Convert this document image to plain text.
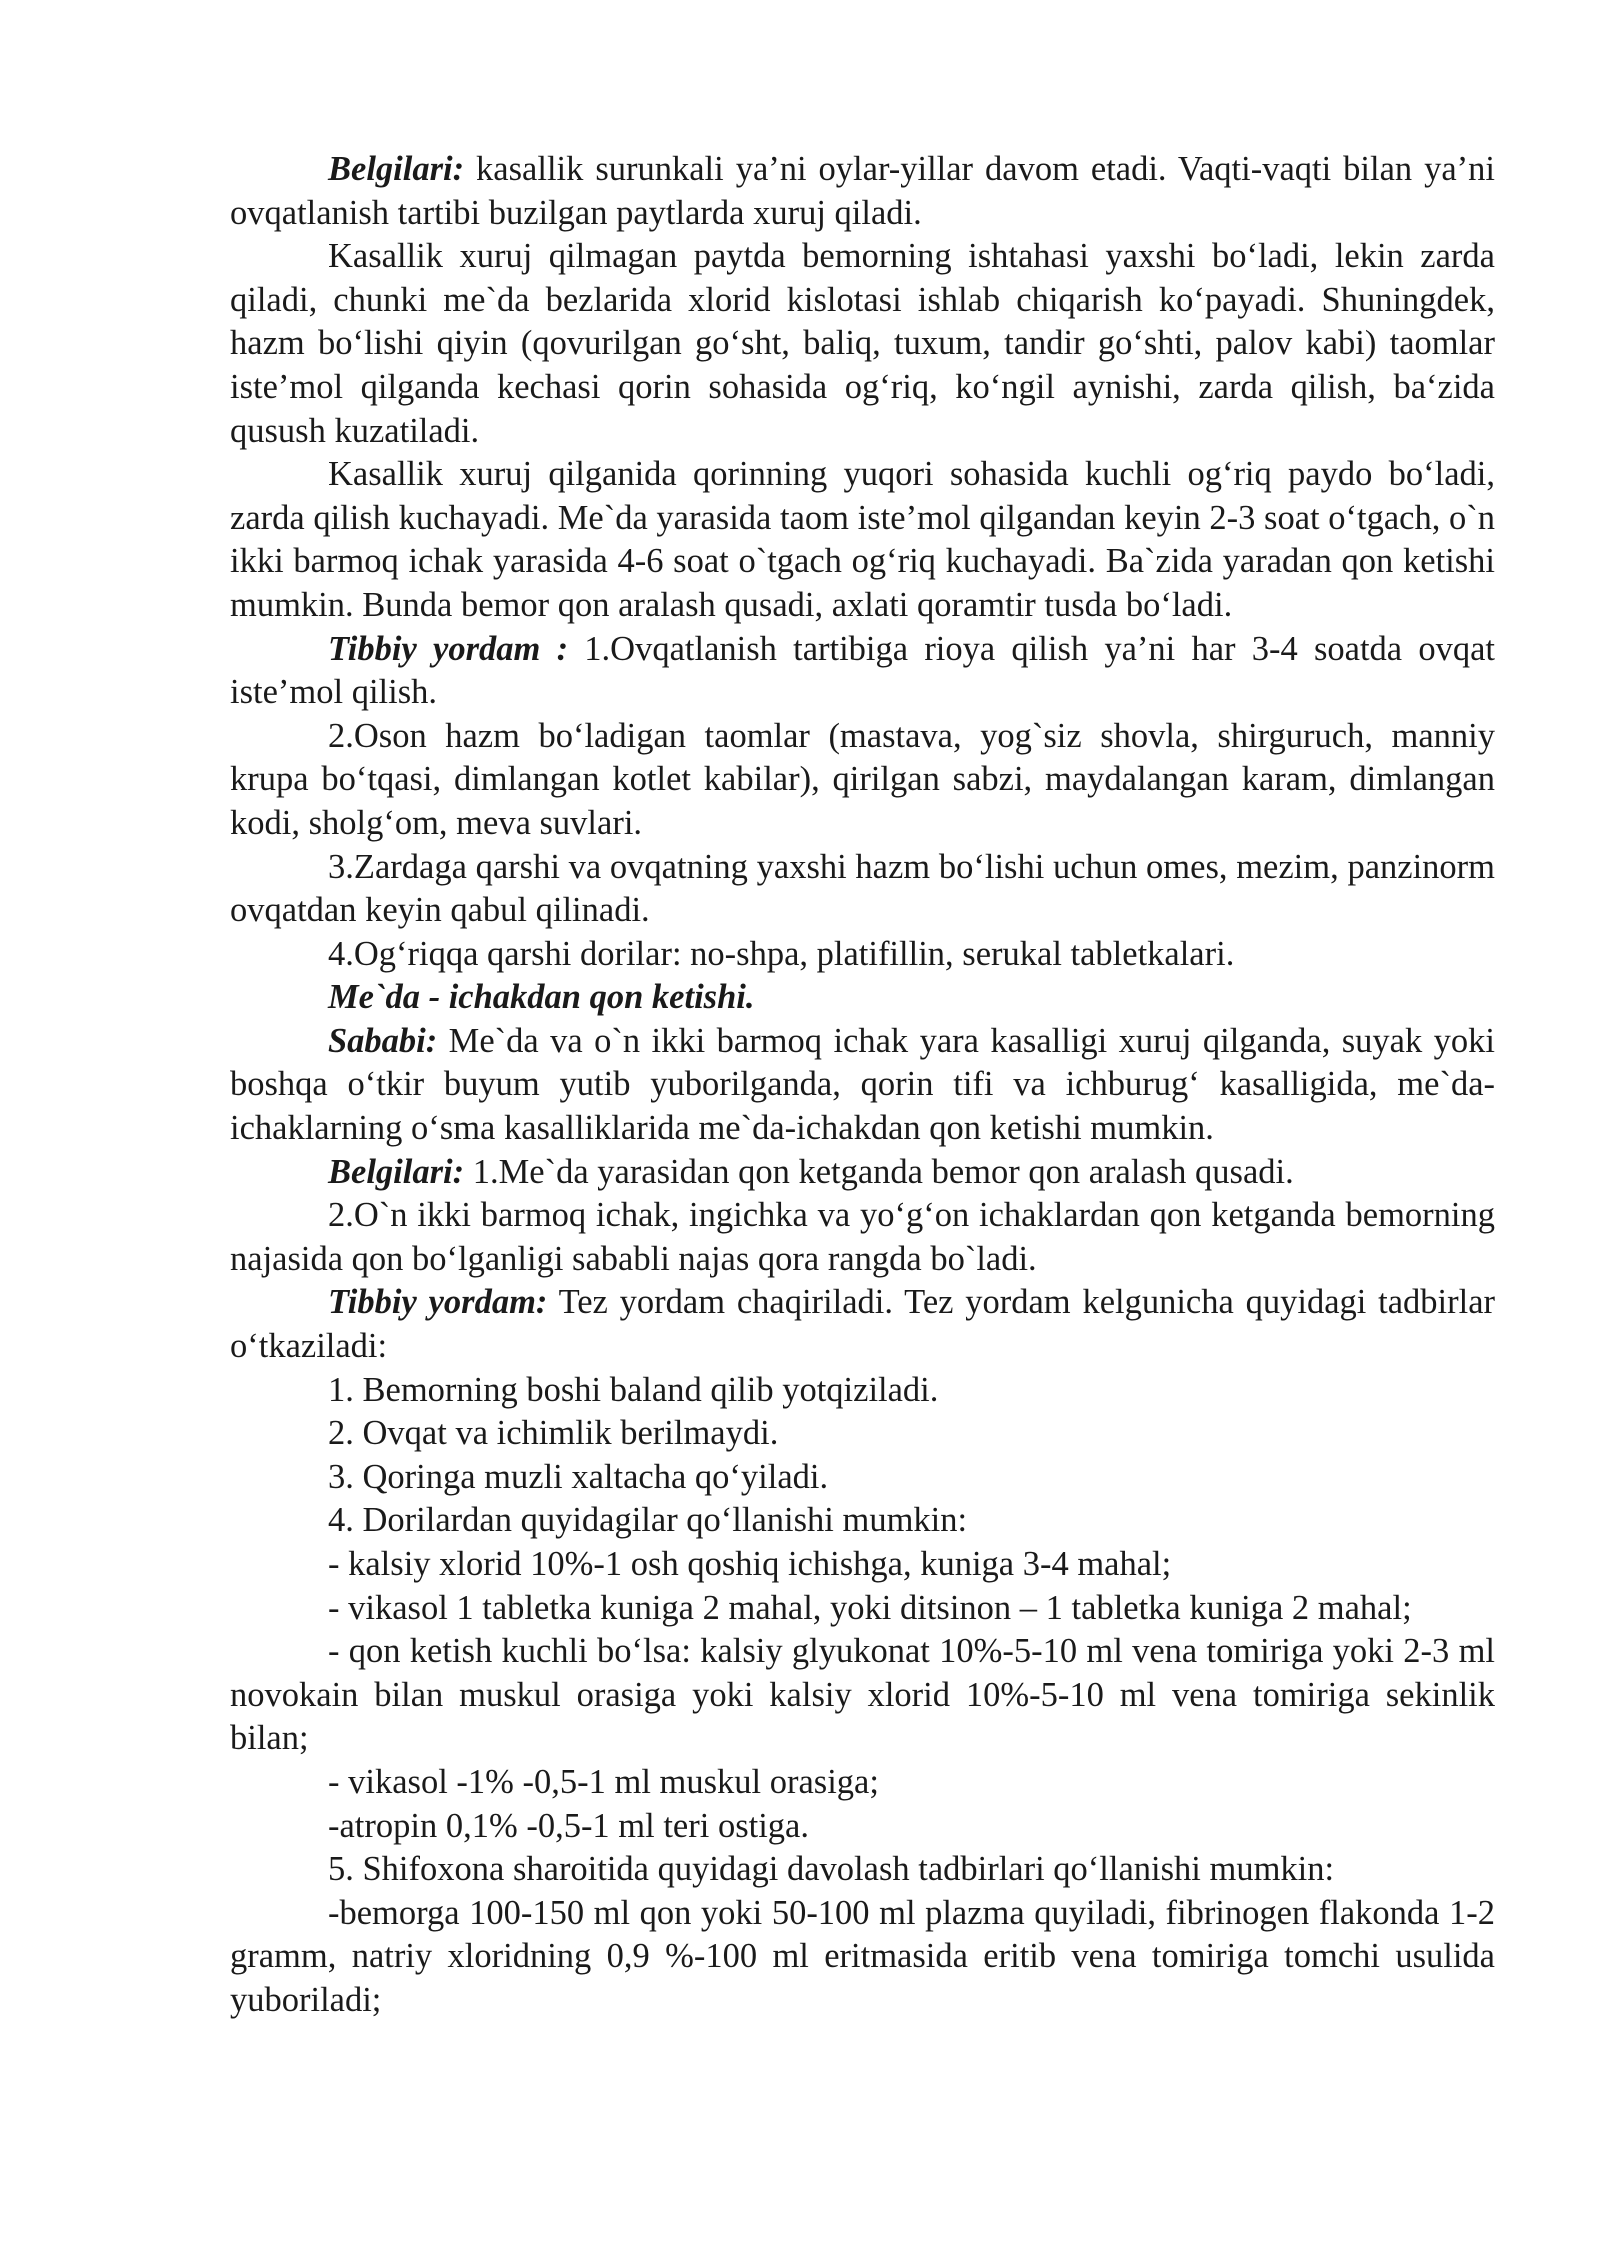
Belgilari: kasallik surunkali ya’ni oylar-yillar davom etadi. Vaqti-vaqti bilan ya’ni ovqatlanish tartibi buzilgan paytlarda xuruj qiladi.

Kasallik xuruj qilmagan paytda bemorning ishtahasi yaxshi bo‘ladi, lekin zarda qiladi, chunki me`da bezlarida xlorid kislotasi ishlab chiqarish ko‘payadi. Shuningdek, hazm bo‘lishi qiyin (qovurilgan go‘sht, baliq, tuxum, tandir go‘shti, palov kabi) taomlar iste’mol qilganda kechasi qorin sohasida og‘riq, ko‘ngil aynishi, zarda qilish, ba‘zida qusush kuzatiladi.

Kasallik xuruj qilganida qorinning yuqori sohasida kuchli og‘riq paydo bo‘ladi, zarda qilish kuchayadi. Me`da yarasida taom iste’mol qilgandan keyin 2-3 soat o‘tgach, o`n ikki barmoq ichak yarasida 4-6 soat o`tgach og‘riq kuchayadi. Ba`zida yaradan qon ketishi mumkin. Bunda bemor qon aralash qusadi, axlati qoramtir tusda bo‘ladi.

Tibbiy yordam : 1.Ovqatlanish tartibiga rioya qilish ya’ni har 3-4 soatda ovqat iste’mol qilish.

2.Oson hazm bo‘ladigan taomlar (mastava, yog`siz shovla, shirguruch, manniy krupa bo‘tqasi, dimlangan kotlet kabilar), qirilgan sabzi, maydalangan karam, dimlangan kodi, sholg‘om, meva suvlari.

3.Zardaga qarshi va ovqatning yaxshi hazm bo‘lishi uchun omes, mezim, panzinorm ovqatdan keyin qabul qilinadi.

4.Og‘riqqa qarshi dorilar: no-shpa, platifillin, serukal tabletkalari.

Me`da - ichakdan qon ketishi.

Sababi: Me`da va o`n ikki barmoq ichak yara kasalligi xuruj qilganda, suyak yoki boshqa o‘tkir buyum yutib yuborilganda, qorin tifi va ichburug‘ kasalligida, me`da-ichaklarning o‘sma kasalliklarida me`da-ichakdan qon ketishi mumkin.

Belgilari: 1.Me`da yarasidan qon ketganda bemor qon aralash qusadi.

2.O`n ikki barmoq ichak, ingichka va yo‘g‘on ichaklardan qon ketganda bemorning najasida qon bo‘lganligi sababli najas qora rangda bo`ladi.

Tibbiy yordam: Tez yordam chaqiriladi. Tez yordam kelgunicha quyidagi tadbirlar o‘tkaziladi:

1. Bemorning boshi baland qilib yotqiziladi.

2. Ovqat va ichimlik berilmaydi.

3. Qoringa muzli xaltacha qo‘yiladi.

4. Dorilardan quyidagilar qo‘llanishi mumkin:

- kalsiy xlorid 10%-1 osh qoshiq ichishga, kuniga 3-4 mahal;

- vikasol 1 tabletka kuniga 2 mahal, yoki ditsinon – 1 tabletka kuniga 2 mahal;

- qon ketish kuchli bo‘lsa: kalsiy glyukonat 10%-5-10 ml vena tomiriga yoki 2-3 ml novokain bilan muskul orasiga yoki kalsiy xlorid 10%-5-10 ml vena tomiriga sekinlik bilan;

- vikasol -1% -0,5-1 ml muskul orasiga;

-atropin 0,1% -0,5-1 ml teri ostiga.

5. Shifoxona sharoitida quyidagi davolash tadbirlari qo‘llanishi mumkin:

-bemorga 100-150 ml qon yoki 50-100 ml plazma quyiladi, fibrinogen flakonda 1-2 gramm, natriy xloridning 0,9 %-100 ml eritmasida eritib vena tomiriga tomchi usulida yuboriladi;
